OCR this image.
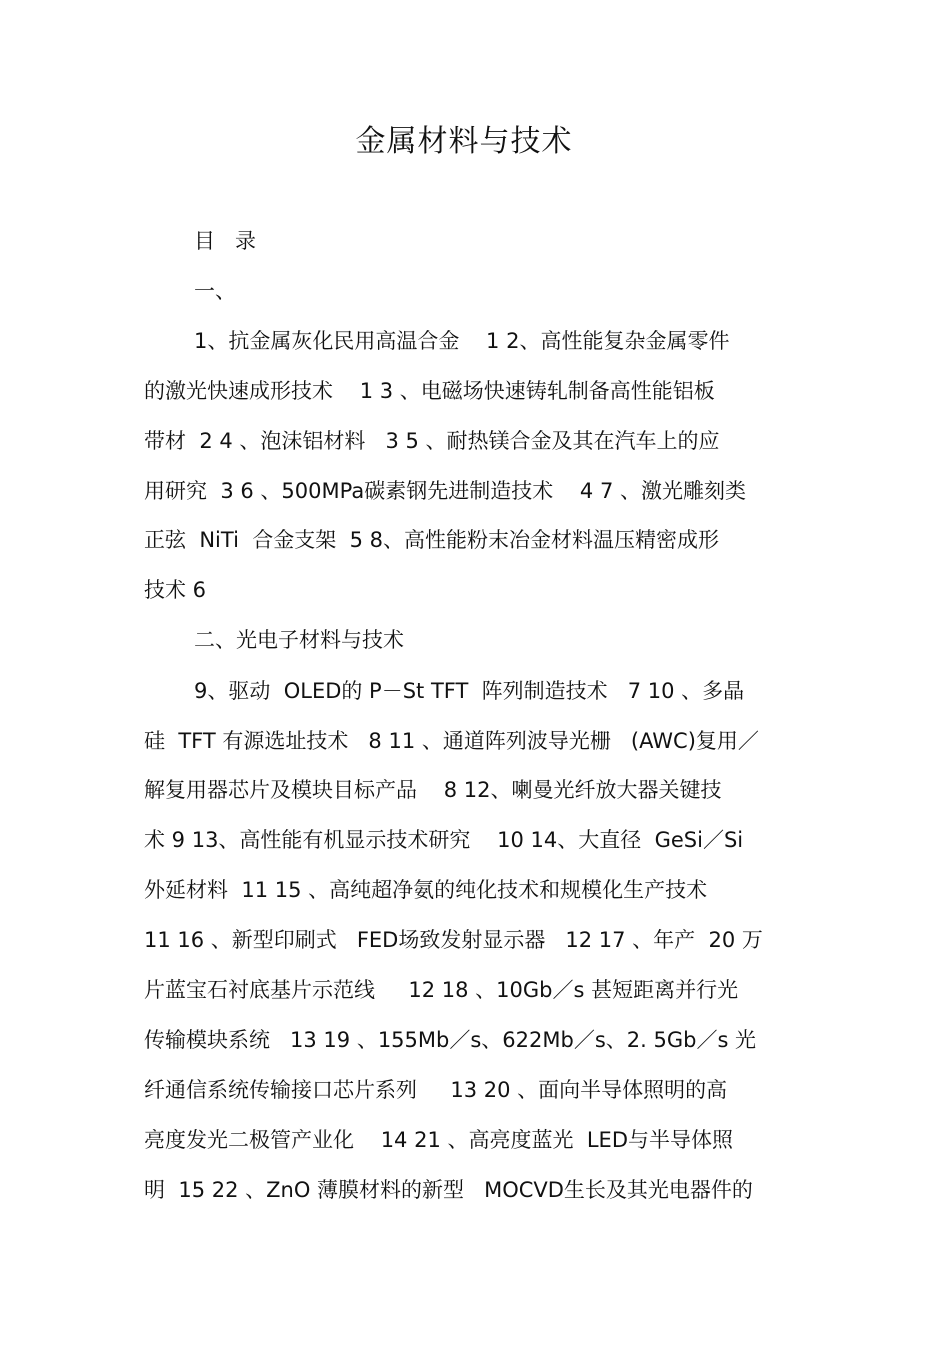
金属材料与技术
目   录
一、
1、抗金属灰化民用高温合金    1 2、高性能复杂金属零件
的激光快速成形技术    1 3 、电磁场快速铸轧制备高性能铝板
带材  2 4 、泡沫铝材料   3 5 、耐热镁合金及其在汽车上的应
用研究  3 6 、500MPa碳素钢先进制造技术    4 7 、激光雕刻类
正弦  NiTi  合金支架  5 8、高性能粉末冶金材料温压精密成形
技术 6
二、光电子材料与技术
9、驱动  OLED的 P－St TFT  阵列制造技术   7 10 、多晶
硅  TFT 有源选址技术   8 11 、通道阵列波导光栅   (AWC)复用／
解复用器芯片及模块目标产品    8 12、喇曼光纤放大器关键技
术 9 13、高性能有机显示技术研究    10 14、大直径  GeSi／Si
外延材料  11 15 、高纯超净氨的纯化技术和规模化生产技术
11 16 、新型印刷式   FED场致发射显示器   12 17 、年产  20 万
片蓝宝石衬底基片示范线     12 18 、10Gb／s 甚短距离并行光
传输模块系统   13 19 、155Mb／s、622Mb／s、2. 5Gb／s 光
纤通信系统传输接口芯片系列     13 20 、面向半导体照明的高
亮度发光二极管产业化    14 21 、高亮度蓝光  LED与半导体照
明  15 22 、ZnO 薄膜材料的新型   MOCVD生长及其光电器件的
